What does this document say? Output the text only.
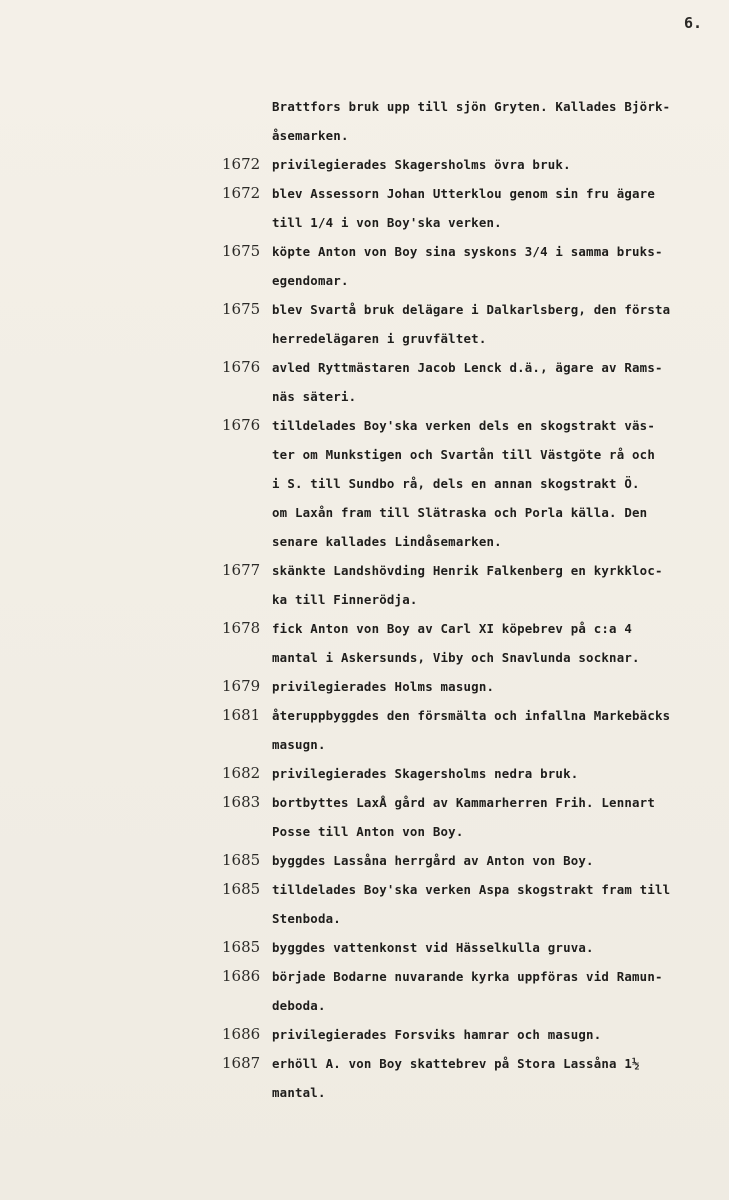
6.
Brattfors bruk upp till sjön Gryten. Kallades Björk-
åsemarken.
1672 privilegierades Skagersholms övra bruk.
1672 blev Assessorn Johan Utterklou genom sin fru ägare
till 1/4 i von Boy'ska verken.
1675 köpte Anton von Boy sina syskons 3/4 i samma bruks-
egendomar.
1675 blev Svartå bruk delägare i Dalkarlsberg, den första
herredelägaren i gruvfältet.
1676 avled Ryttmästaren Jacob Lenck d.ä., ägare av Rams-
näs säteri.
1676 tilldelades Boy'ska verken dels en skogstrakt väs-
ter om Munkstigen och Svartån till Västgöte rå och
i S. till Sundbo rå, dels en annan skogstrakt Ö.
om Laxån fram till Slätraska och Porla källa. Den
senare kallades Lindåsemarken.
1677 skänkte Landshövding Henrik Falkenberg en kyrkkloc-
ka till Finnerödja.
1678 fick Anton von Boy av Carl XI köpebrev på c:a 4
mantal i Askersunds, Viby och Snavlunda socknar.
1679 privilegierades Holms masugn.
1681 återuppbyggdes den försmälta och infallna Markebäcks
masugn.
1682 privilegierades Skagersholms nedra bruk.
1683 bortbyttes LaxÅ gård av Kammarherren Frih. Lennart
Posse till Anton von Boy.
1685 byggdes Lassåna herrgård av Anton von Boy.
1685 tilldelades Boy'ska verken Aspa skogstrakt fram till
Stenboda.
1685 byggdes vattenkonst vid Hässelkulla gruva.
1686 började Bodarne nuvarande kyrka uppföras vid Ramun-
deboda.
1686 privilegierades Forsviks hamrar och masugn.
1687 erhöll A. von Boy skattebrev på Stora Lassåna 1½
mantal.
